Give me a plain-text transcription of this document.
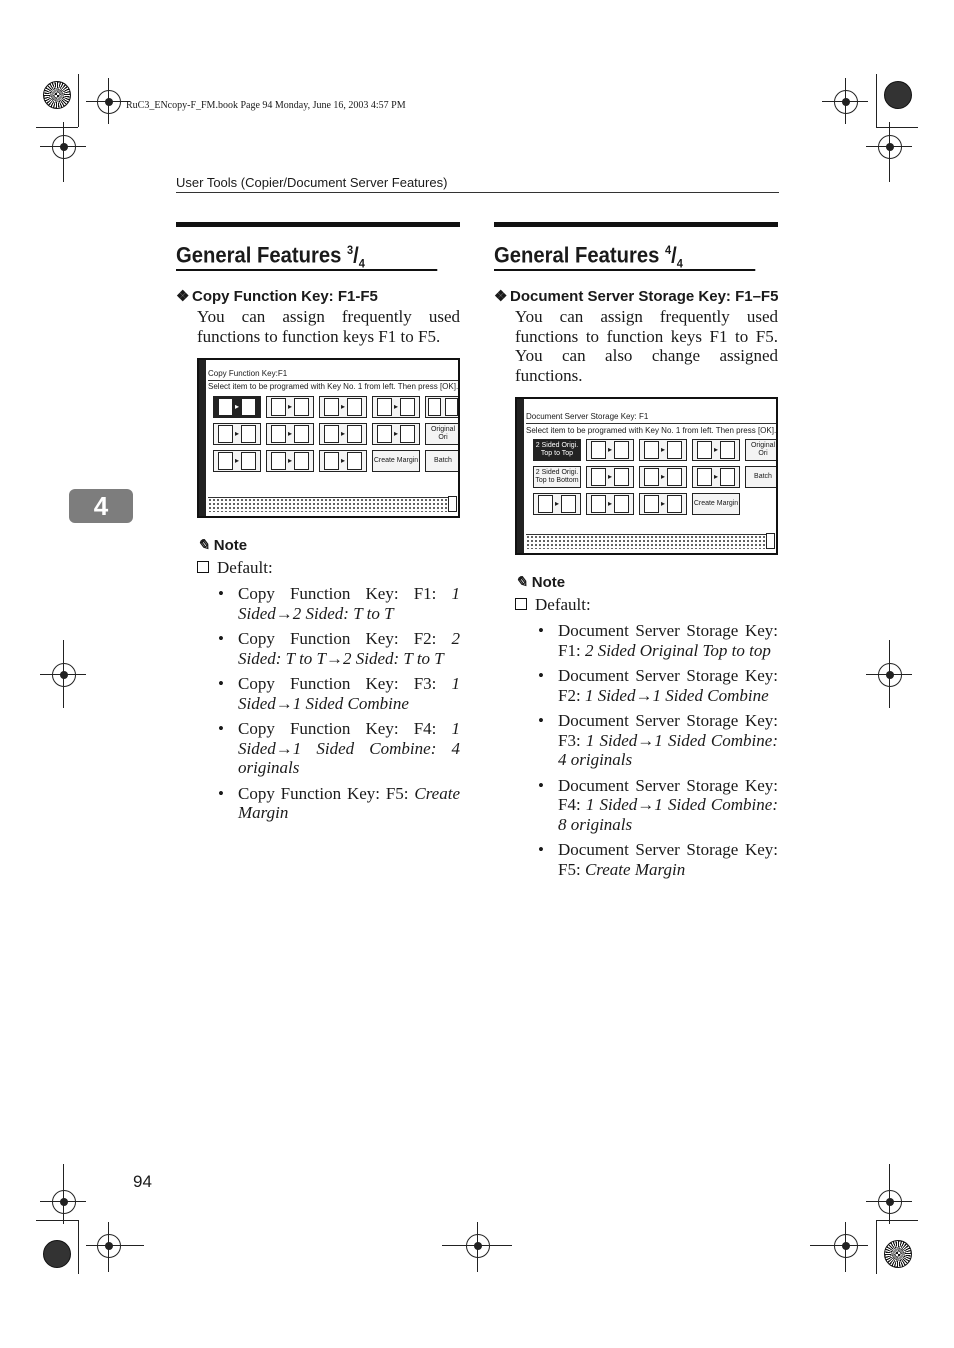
RuC3_ENcopy-F_FM.book Page 94 Monday, June 16, 2003 4:57 PM
User Tools (Copier/Document Server Features)
4
General Features $^3/_4$
❖ Copy Function Key: F1-F5
You can assign frequently used functions to function keys F1 to F5.
Copy Function Key:F1
Select item to be programed with Key No. 1 from left. Then press [OK].
▸	▸	▸	▸
▸	▸	▸	▸	Original Ori
▸	▸	▸	Create Margin	Batch
✎ Note
Default:
• Copy Function Key: F1: 1 Sided→2 Sided: T to T
• Copy Function Key: F2: 2 Sided: T to T→2 Sided: T to T
• Copy Function Key: F3: 1 Sided→1 Sided Combine
• Copy Function Key: F4: 1 Sided→1 Sided Combine: 4 originals
• Copy Function Key: F5: Create Margin
General Features $^4/_4$
❖ Document Server Storage Key: F1–F5
You can assign frequently used functions to function keys F1 to F5. You can also change assigned functions.
Document Server Storage Key: F1
Select item to be programed with Key No. 1 from left. Then press [OK].
2 Sided Origi. Top to Top	▸	▸	▸	Original Ori
2 Sided Origi. Top to Bottom	▸	▸	▸	Batch
▸	▸	▸	Create Margin
✎ Note
Default:
• Document Server Storage Key: F1: 2 Sided Original Top to top
• Document Server Storage Key: F2: 1 Sided→1 Sided Combine
• Document Server Storage Key: F3: 1 Sided→1 Sided Combine: 4 originals
• Document Server Storage Key: F4: 1 Sided→1 Sided Combine: 8 originals
• Document Server Storage Key: F5: Create Margin
94
